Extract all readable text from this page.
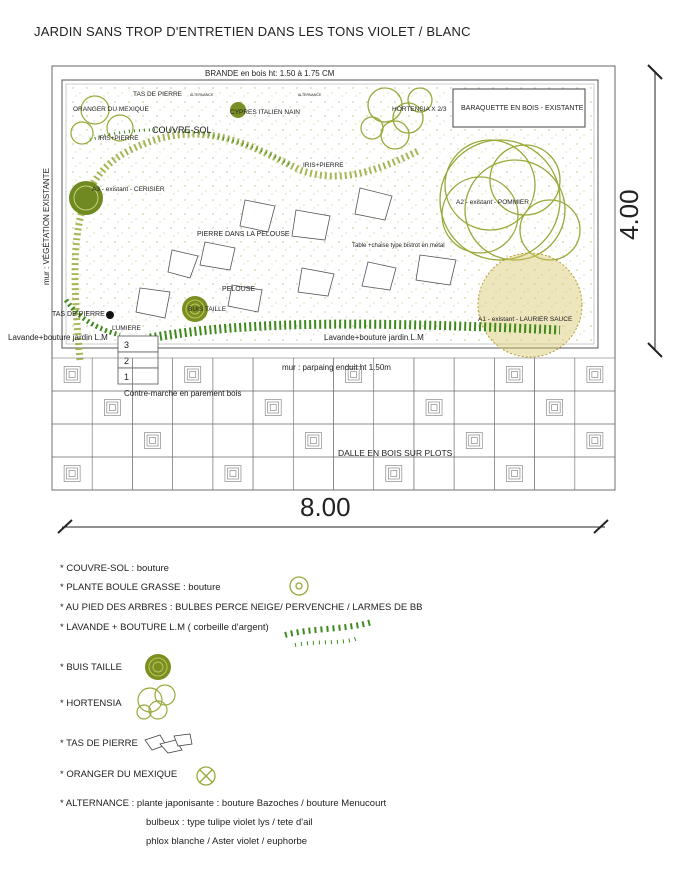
JARDIN SANS TROP D'ENTRETIEN DANS LES TONS VIOLET / BLANC
BARAQUETTE EN BOIS - EXISTANTE
3
2
1
8.00
4.00
BRANDE en bois ht: 1.50 à 1.75 CM
TAS DE PIERRE ALTERNANCE	ALTERNANCE
ORANGER DU MEXIQUE	CYPRES ITALIEN NAIN	HORTENSIA X 2/3
COUVRE-SOL
IRIS+PIERRE
IRIS+PIERRE
A3 - existant - CERISIER
A2 - existant - POMMIER
mur : VÉGÉTATION EXISTANTE	PIERRE DANS LA PELOUSE
Table +chaise type bistrot en metal
PELOUSE
BUIS TAILLE
A1 - existant - LAURIER SAUCE
TAS DE PIERRE
LUMIERE
Lavande+bouture jardin L.M	Lavande+bouture jardin L.M
mur : parpaing enduit ht 1.50m
Contre-marche en parement bois
DALLE EN BOIS SUR PLOTS
* COUVRE-SOL : bouture
* PLANTE BOULE GRASSE : bouture
* AU PIED DES ARBRES : BULBES PERCE NEIGE/ PERVENCHE / LARMES DE BB
* LAVANDE + BOUTURE L.M ( corbeille d'argent)
* BUIS TAILLE
* HORTENSIA
* TAS DE PIERRE
* ORANGER DU MEXIQUE
* ALTERNANCE : plante japonisante : bouture Bazoches / bouture Menucourt
bulbeux : type tulipe violet lys / tete d'ail
phlox blanche / Aster violet / euphorbe
